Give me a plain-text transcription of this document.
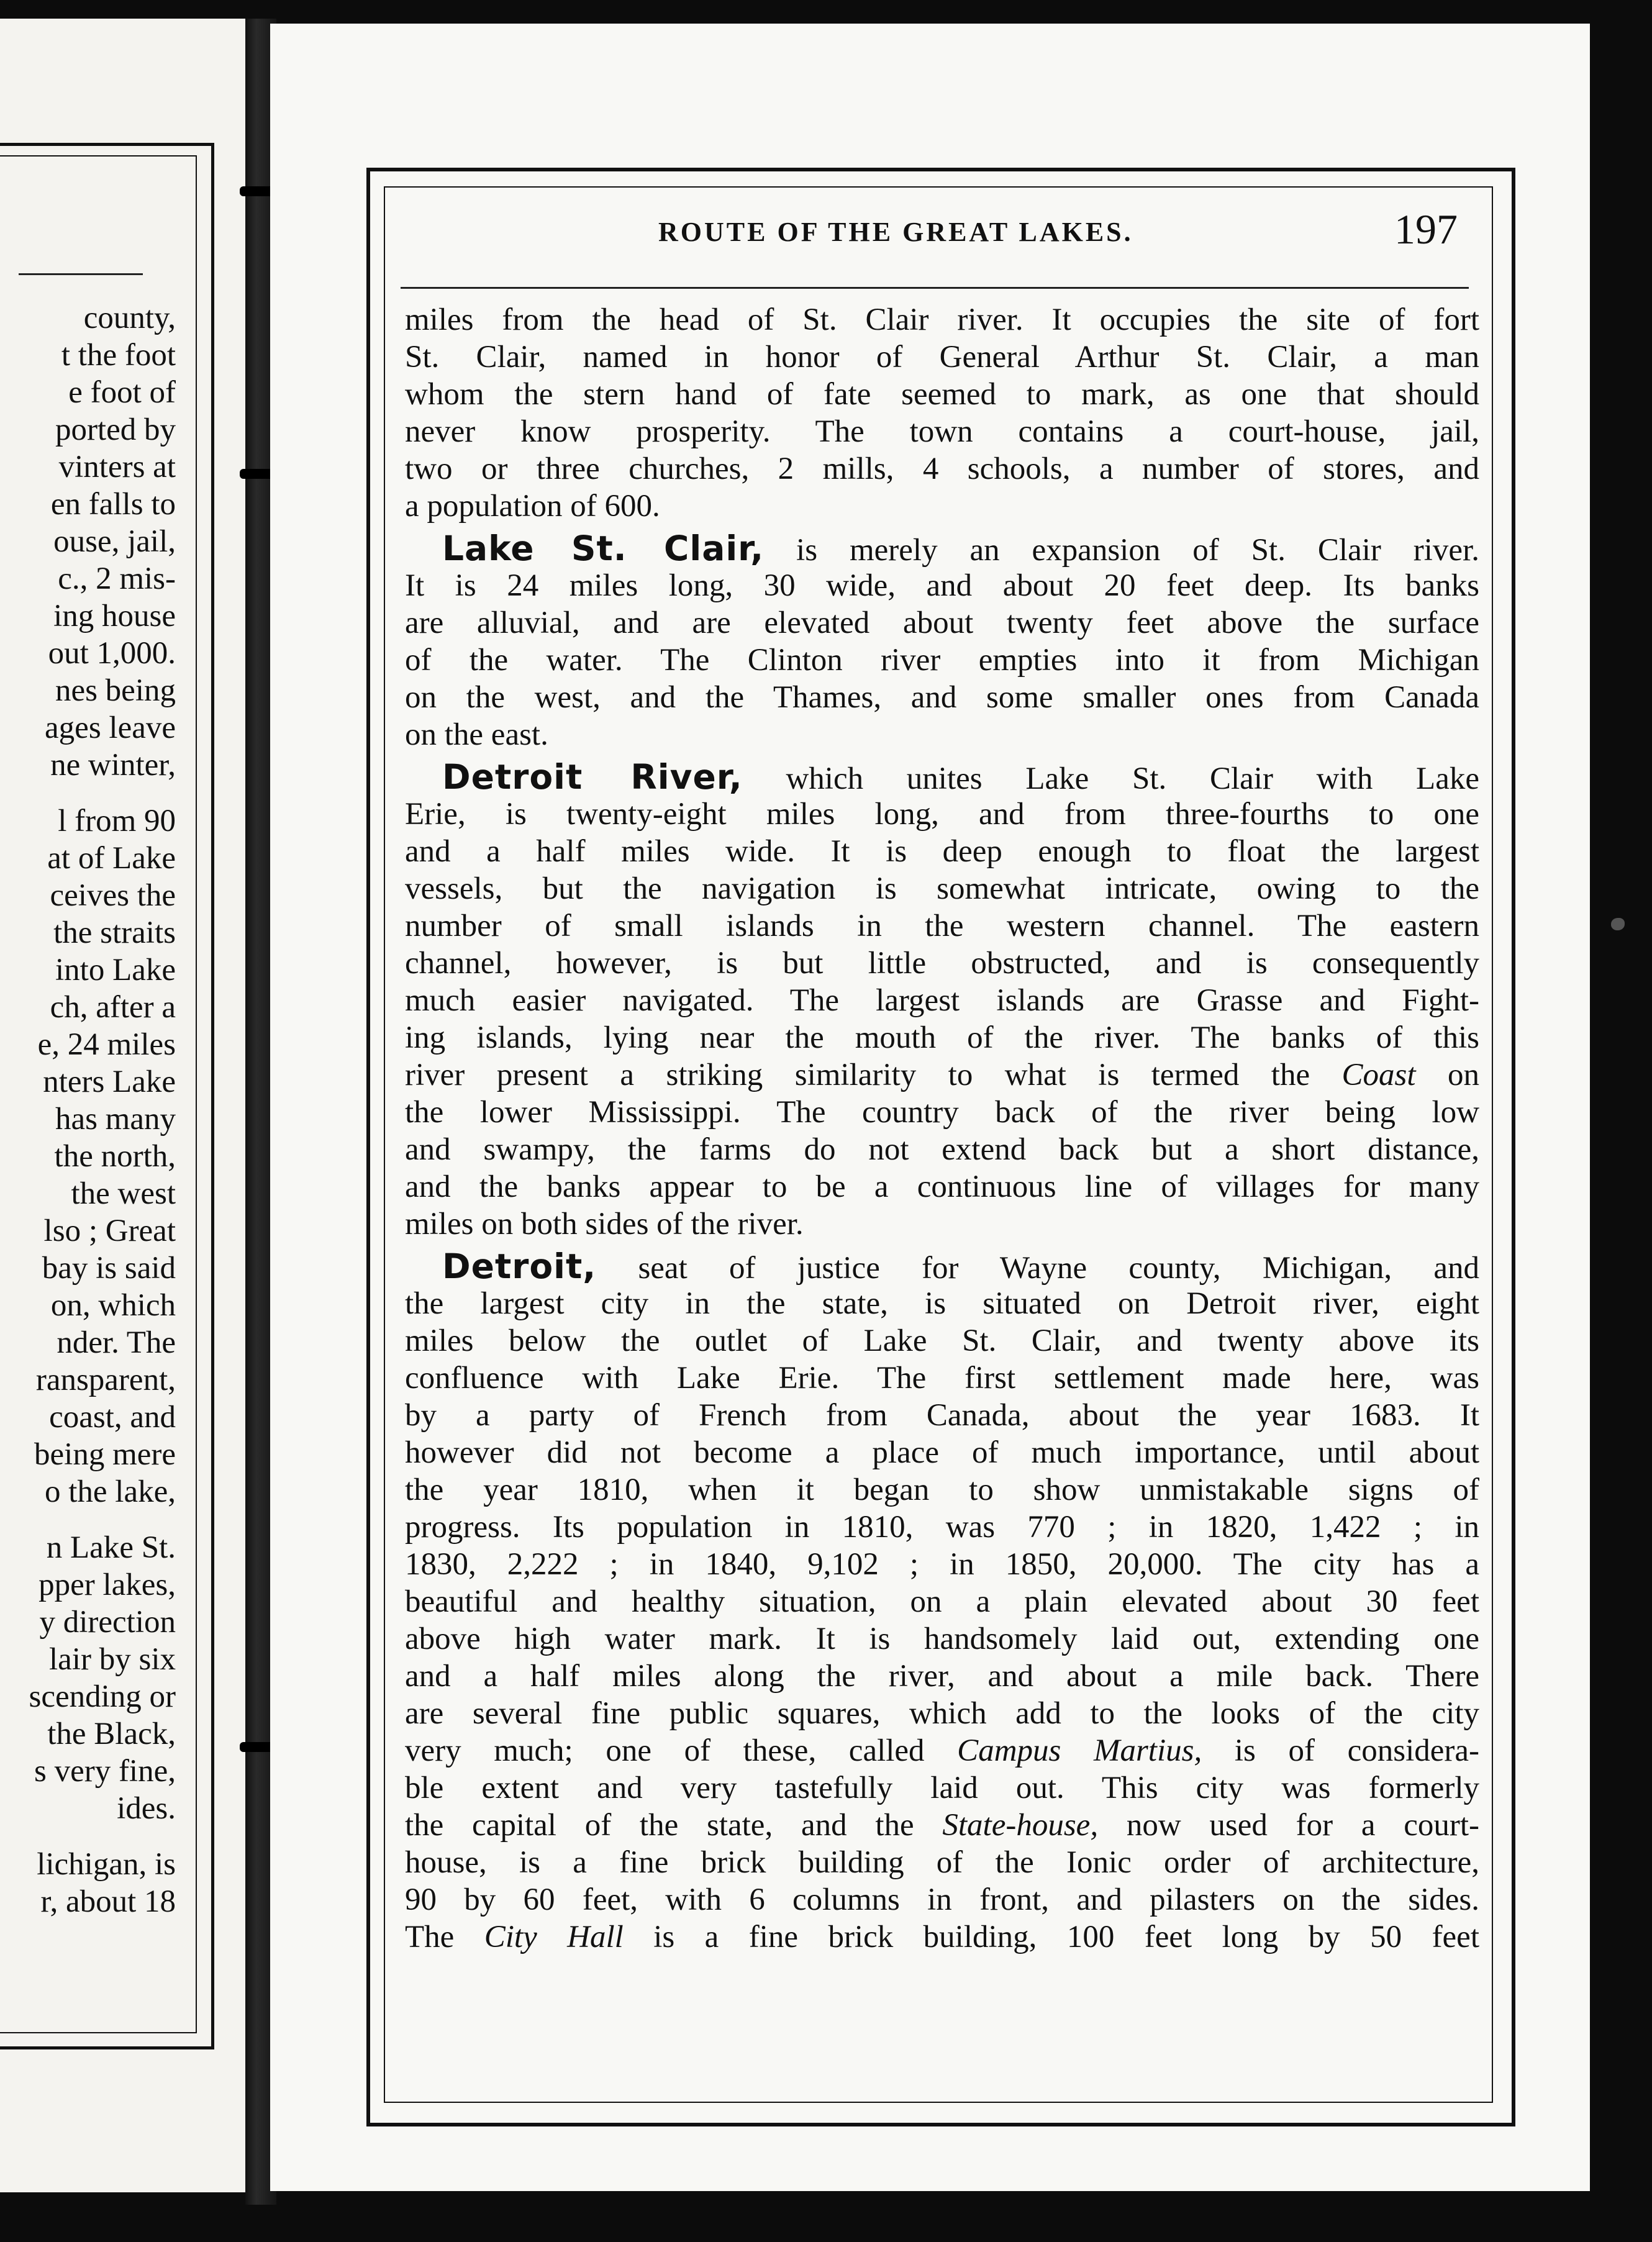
county,
t the foot
e foot of
ported by
vinters at
en falls to
ouse, jail,
c., 2 mis-
ing house
out 1,000.
nes being
ages leave
ne winter,
l from 90
at of Lake
ceives the
the straits
into Lake
ch, after a
e, 24 miles
nters Lake
has many
the north,
the west
lso ; Great
bay is said
on, which
nder. The
ransparent,
coast, and
being mere
o the lake,
n Lake St.
pper lakes,
y direction
lair by six
scending or
the Black,
s very fine,
ides.
lichigan, is
r, about 18
ROUTE OF THE GREAT LAKES.	197
miles from the head of St. Clair river. It occupies the site of fort
St. Clair, named in honor of General Arthur St. Clair, a man
whom the stern hand of fate seemed to mark, as one that should
never know prosperity. The town contains a court-house, jail,
two or three churches, 2 mills, 4 schools, a number of stores, and
a population of 600.
Lake St. Clair, is merely an expansion of St. Clair river.
It is 24 miles long, 30 wide, and about 20 feet deep. Its banks
are alluvial, and are elevated about twenty feet above the surface
of the water. The Clinton river empties into it from Michigan
on the west, and the Thames, and some smaller ones from Canada
on the east.
Detroit River, which unites Lake St. Clair with Lake
Erie, is twenty-eight miles long, and from three-fourths to one
and a half miles wide. It is deep enough to float the largest
vessels, but the navigation is somewhat intricate, owing to the
number of small islands in the western channel. The eastern
channel, however, is but little obstructed, and is consequently
much easier navigated. The largest islands are Grasse and Fight-
ing islands, lying near the mouth of the river. The banks of this
river present a striking similarity to what is termed the Coast on
the lower Mississippi. The country back of the river being low
and swampy, the farms do not extend back but a short distance,
and the banks appear to be a continuous line of villages for many
miles on both sides of the river.
Detroit, seat of justice for Wayne county, Michigan, and
the largest city in the state, is situated on Detroit river, eight
miles below the outlet of Lake St. Clair, and twenty above its
confluence with Lake Erie. The first settlement made here, was
by a party of French from Canada, about the year 1683. It
however did not become a place of much importance, until about
the year 1810, when it began to show unmistakable signs of
progress. Its population in 1810, was 770 ; in 1820, 1,422 ; in
1830, 2,222 ; in 1840, 9,102 ; in 1850, 20,000. The city has a
beautiful and healthy situation, on a plain elevated about 30 feet
above high water mark. It is handsomely laid out, extending one
and a half miles along the river, and about a mile back. There
are several fine public squares, which add to the looks of the city
very much; one of these, called Campus Martius, is of considera-
ble extent and very tastefully laid out. This city was formerly
the capital of the state, and the State-house, now used for a court-
house, is a fine brick building of the Ionic order of architecture,
90 by 60 feet, with 6 columns in front, and pilasters on the sides.
The City Hall is a fine brick building, 100 feet long by 50 feet
